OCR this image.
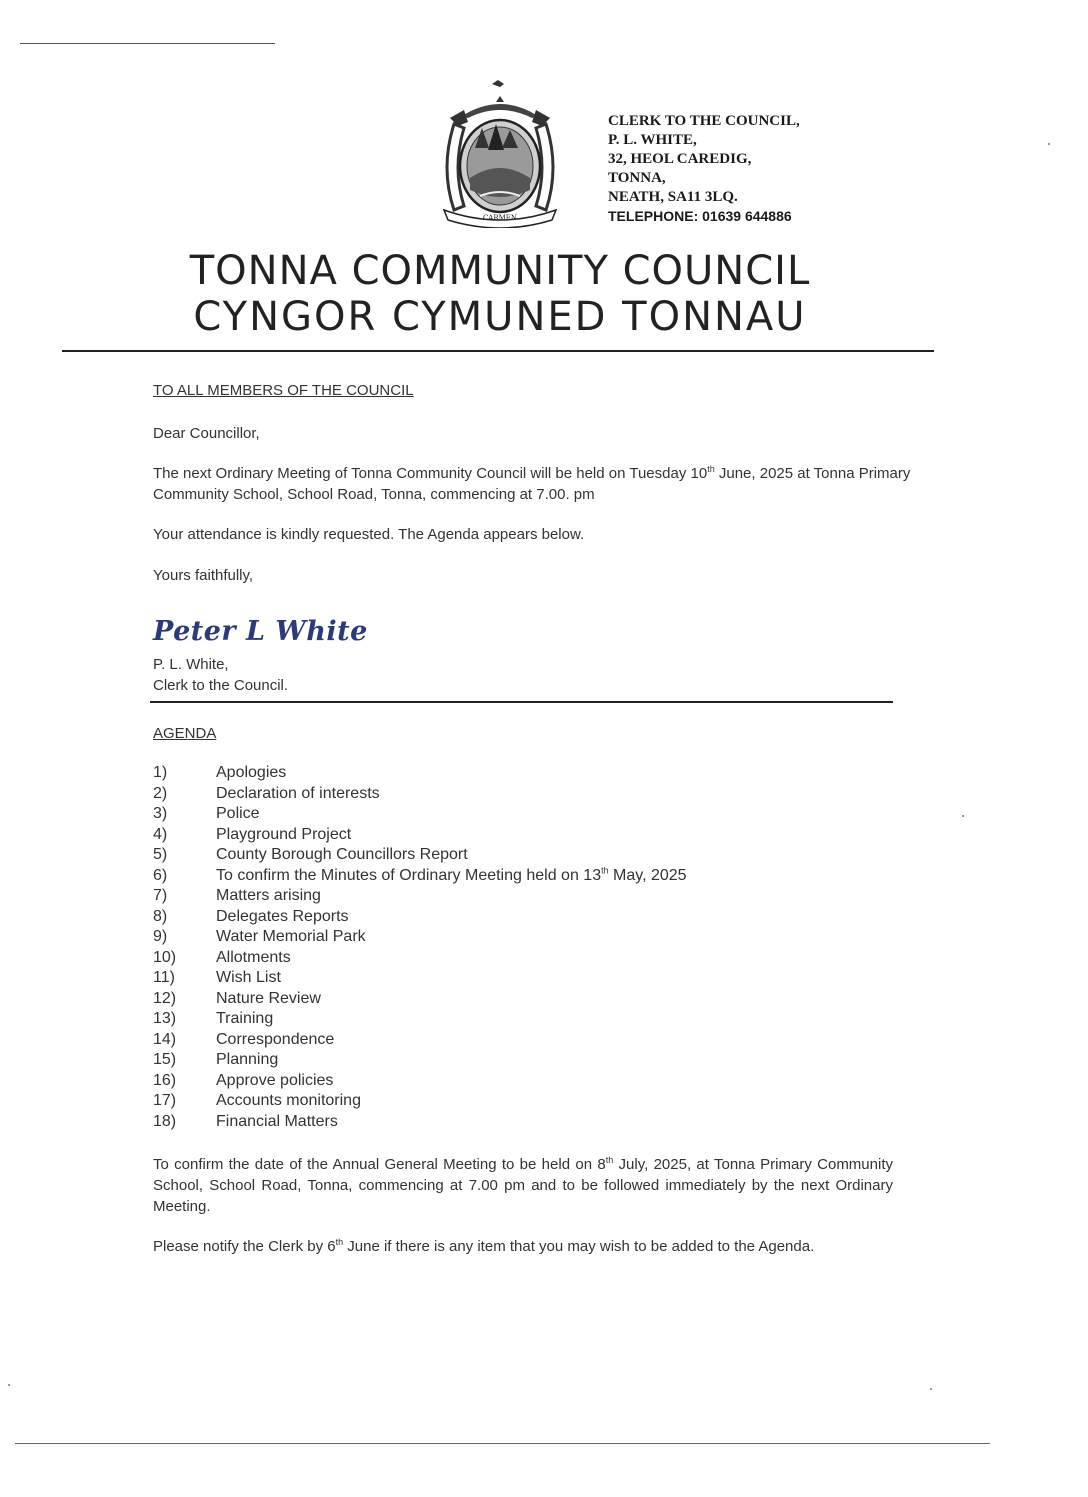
CARMEN
CLERK TO THE COUNCIL,
P. L. WHITE,
32, HEOL CAREDIG,
TONNA,
NEATH, SA11 3LQ.
TELEPHONE: 01639 644886
TONNA COMMUNITY COUNCIL
CYNGOR CYMUNED TONNAU
TO ALL MEMBERS OF THE COUNCIL
Dear Councillor,
The next Ordinary Meeting of Tonna Community Council will be held on Tuesday 10th June, 2025 at Tonna Primary Community School, School Road, Tonna, commencing at 7.00. pm
Your attendance is kindly requested. The Agenda appears below.
Yours faithfully,
Peter L White
P. L. White,
Clerk to the Council.
AGENDA
1)	Apologies
2)	Declaration of interests
3)	Police
4)	Playground Project
5)	County Borough Councillors Report
6)	To confirm the Minutes of Ordinary Meeting held on 13th May, 2025
7)	Matters arising
8)	Delegates Reports
9)	Water Memorial Park
10)	Allotments
11)	Wish List
12)	Nature Review
13)	Training
14)	Correspondence
15)	Planning
16)	Approve policies
17)	Accounts monitoring
18)	Financial Matters
To confirm the date of the Annual General Meeting to be held on 8th July, 2025, at Tonna Primary Community School, School Road, Tonna, commencing at 7.00 pm and to be followed immediately by the next Ordinary Meeting.
Please notify the Clerk by 6th June if there is any item that you may wish to be added to the Agenda.
